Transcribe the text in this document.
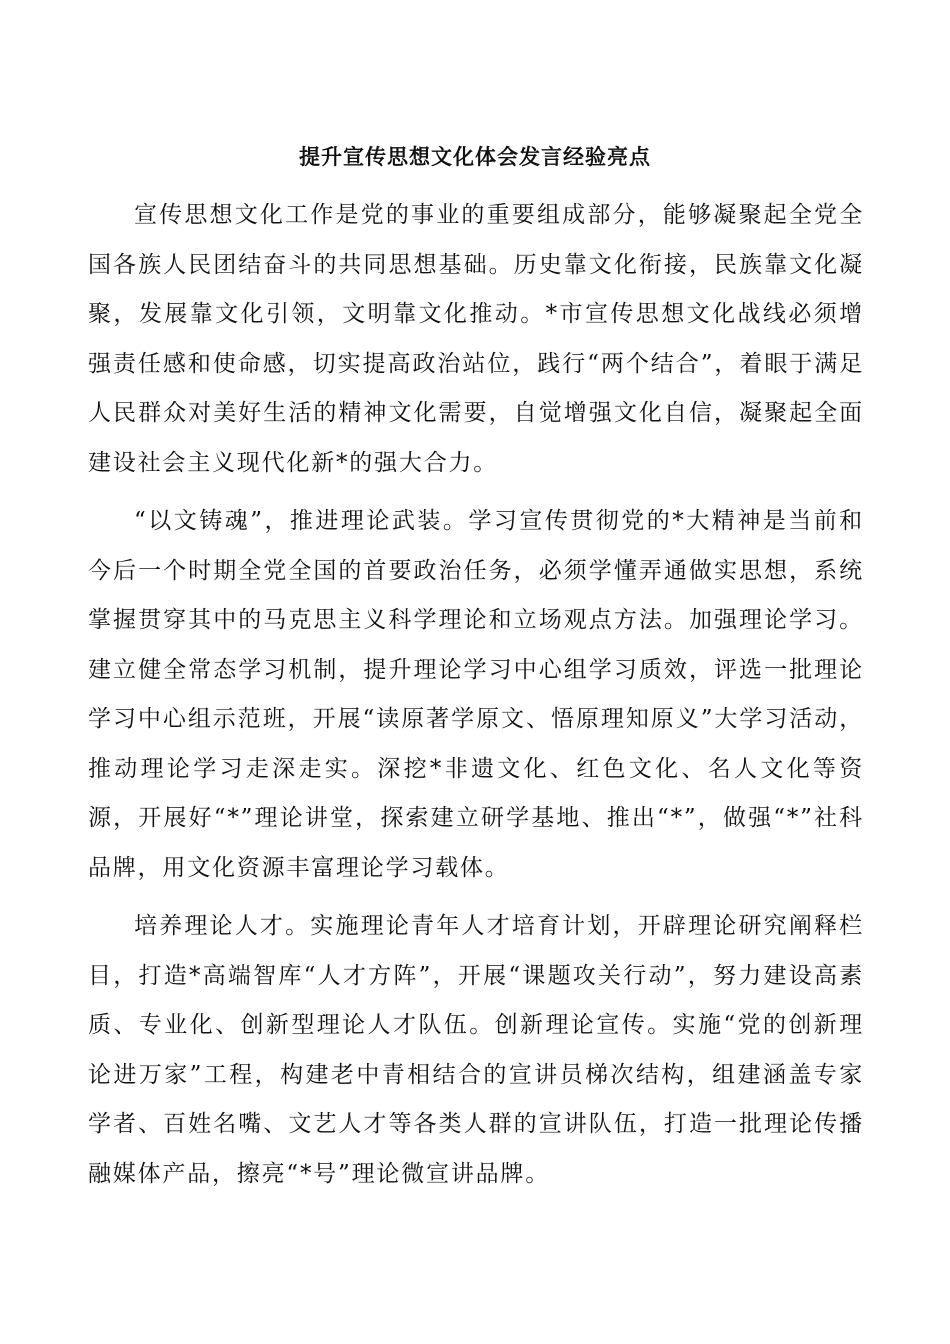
提升宣传思想文化体会发言经验亮点

宣传思想文化工作是党的事业的重要组成部分，能够凝聚起全党全国各族人民团结奋斗的共同思想基础。历史靠文化衔接，民族靠文化凝聚，发展靠文化引领，文明靠文化推动。*市宣传思想文化战线必须增强责任感和使命感，切实提高政治站位，践行“两个结合”，着眼于满足人民群众对美好生活的精神文化需要，自觉增强文化自信，凝聚起全面建设社会主义现代化新*的强大合力。

“以文铸魂”，推进理论武装。学习宣传贯彻党的*大精神是当前和今后一个时期全党全国的首要政治任务，必须学懂弄通做实思想，系统掌握贯穿其中的马克思主义科学理论和立场观点方法。加强理论学习。建立健全常态学习机制，提升理论学习中心组学习质效，评选一批理论学习中心组示范班，开展“读原著学原文、悟原理知原义”大学习活动，推动理论学习走深走实。深挖*非遗文化、红色文化、名人文化等资源，开展好“*”理论讲堂，探索建立研学基地、推出“*”，做强“*”社科品牌，用文化资源丰富理论学习载体。

培养理论人才。实施理论青年人才培育计划，开辟理论研究阐释栏目，打造*高端智库“人才方阵”，开展“课题攻关行动”，努力建设高素质、专业化、创新型理论人才队伍。创新理论宣传。实施“党的创新理论进万家”工程，构建老中青相结合的宣讲员梯次结构，组建涵盖专家学者、百姓名嘴、文艺人才等各类人群的宣讲队伍，打造一批理论传播融媒体产品，擦亮“*号”理论微宣讲品牌。
